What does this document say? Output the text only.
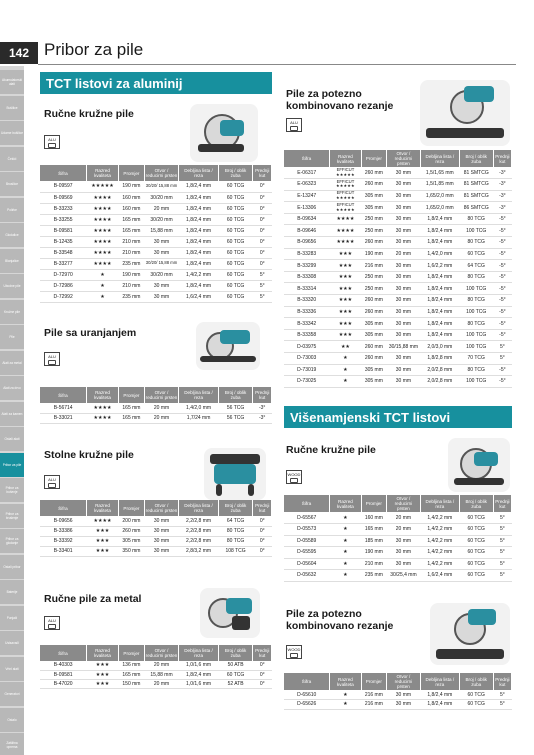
142 Pribor za pile
Akumulatorski alati
Bušilice
Udarne bušilice
Čekići
Brusilice
Polirke
Glodalice
Blanjalice
Ubodne pile
Kružne pile
Pile
Alati za metal
Alati za drvo
Alati za kamen
Ostali alati
Pribor za pile
Pribor za bušenje
Pribor za brušenje
Pribor za glodanje
Ostali pribor
Baterije
Punjači
Usisavači
Vrtni alati
Generatori
Ostalo
Zaštitna oprema
TCT listovi za aluminij
Ručne kružne pile
ALU
Šifra	Razred kvaliteta	Promjer	Otvor / reducirni prsten	Debljina lista / reza	Broj / oblik zuba	Prednji kut
B-09597	★★★★★	190 mm	30/20/ 15,88 mm	1,8/2,4 mm	60 TCG	0°
B-09569	★★★★	160 mm	30/20 mm	1,8/2,4 mm	60 TCG	0°
B-33233	★★★★	160 mm	20 mm	1,8/2,4 mm	60 TCG	0°
B-33255	★★★★	165 mm	30/20 mm	1,8/2,4 mm	60 TCG	0°
B-09581	★★★★	165 mm	15,88 mm	1,8/2,4 mm	60 TCG	0°
B-12435	★★★★	210 mm	30 mm	1,8/2,4 mm	60 TCG	0°
B-33548	★★★★	210 mm	30 mm	1,8/2,4 mm	60 TCG	0°
B-33277	★★★★	235 mm	30/20/ 15,88 mm	1,8/2,4 mm	60 TCG	0°
D-72970	★	190 mm	30/20 mm	1,4/2,2 mm	60 TCG	5°
D-72986	★	210 mm	30 mm	1,8/2,4 mm	60 TCG	5°
D-72992	★	235 mm	30 mm	1,6/2,4 mm	60 TCG	5°
Pile sa uranjanjem
ALU
Šifra	Razred kvaliteta	Promjer	Otvor / reducirni prsten	Debljina lista / reza	Broj / oblik zuba	Prednji kut
B-56714	★★★★	165 mm	20 mm	1,4/2,0 mm	56 TCG	-3°
B-33021	★★★★	165 mm	20 mm	1,7/24 mm	56 TCG	-3°
Stolne kružne pile
ALU
Šifra	Razred kvaliteta	Promjer	Otvor / reducirni prsten	Debljina lista / reza	Broj / oblik zuba	Prednji kut
B-09656	★★★★	200 mm	30 mm	2,2/2,8 mm	64 TCG	0°
B-33386	★★★	260 mm	30 mm	2,2/2,8 mm	80 TCG	0°
B-33392	★★★	305 mm	30 mm	2,2/2,8 mm	80 TCG	0°
B-33401	★★★	350 mm	30 mm	2,8/3,2 mm	108 TCG	0°
Ručne pile za metal
ALU
Šifra	Razred kvaliteta	Promjer	Otvor / reducirni prsten	Debljina lista / reza	Broj / oblik zuba	Prednji kut
B-40303	★★★	136 mm	20 mm	1,0/1,6 mm	50 ATB	0°
B-09581	★★★	165 mm	15,88 mm	1,8/2,4 mm	60 TCG	0°
B-47020	★★★	150 mm	20 mm	1,0/1,6 mm	52 ATB	0°
Pile za potezno kombinovano rezanje
ALU
Šifra	Razred kvaliteta	Promjer	Otvor / reducirni prsten	Debljina lista / reza	Broj / oblik zuba	Prednji kut
E-06317	EFFICUT ★★★★★	260 mm	30 mm	1,5/1,65 mm	81 SMTCG	-3°
E-06323	EFFICUT ★★★★★	260 mm	30 mm	1,5/1,85 mm	81 SMTCG	-3°
E-13247	EFFICUT ★★★★★	305 mm	30 mm	1,65/2,0 mm	81 SMTCG	-3°
E-13306	EFFICUT ★★★★★	305 mm	30 mm	1,65/2,0 mm	86 SMTCG	-3°
B-09634	★★★★	250 mm	30 mm	1,8/2,4 mm	80 TCG	-5°
B-09646	★★★★	250 mm	30 mm	1,8/2,4 mm	100 TCG	-5°
B-09656	★★★★	260 mm	30 mm	1,8/2,4 mm	80 TCG	-5°
B-33283	★★★	190 mm	20 mm	1,4/2,0 mm	60 TCG	-5°
B-33299	★★★	216 mm	30 mm	1,6/2,2 mm	64 TCG	-5°
B-33308	★★★	250 mm	30 mm	1,8/2,4 mm	80 TCG	-5°
B-33314	★★★	250 mm	30 mm	1,8/2,4 mm	100 TCG	-5°
B-33320	★★★	260 mm	30 mm	1,8/2,4 mm	80 TCG	-5°
B-33336	★★★	260 mm	30 mm	1,8/2,4 mm	100 TCG	-5°
B-33342	★★★	305 mm	30 mm	1,8/2,4 mm	80 TCG	-5°
B-33358	★★★	305 mm	30 mm	1,8/2,4 mm	100 TCG	-5°
D-03975	★★	260 mm	30/15,88 mm	2,0/3,0 mm	100 TCG	5°
D-73003	★	260 mm	30 mm	1,8/2,8 mm	70 TCG	5°
D-73019	★	305 mm	30 mm	2,0/2,8 mm	80 TCG	-5°
D-73025	★	305 mm	30 mm	2,0/2,8 mm	100 TCG	-5°
Višenamjenski TCT listovi
Ručne kružne pile
WOOD
Šifra	Razred kvaliteta	Promjer	Otvor / reducirni prsten	Debljina lista / reza	Broj / oblik zuba	Prednji kut
D-65567	★	160 mm	20 mm	1,4/2,2 mm	60 TCG	5°
D-05573	★	165 mm	20 mm	1,4/2,2 mm	60 TCG	5°
D-05589	★	185 mm	30 mm	1,4/2,2 mm	60 TCG	5°
D-65595	★	190 mm	30 mm	1,4/2,2 mm	60 TCG	5°
D-05604	★	210 mm	30 mm	1,4/2,2 mm	60 TCG	5°
D-05632	★	235 mm	30/25,4 mm	1,6/2,4 mm	60 TCG	5°
Pile za potezno kombinovano rezanje
WOOD
Šifra	Razred kvaliteta	Promjer	Otvor / reducirni prsten	Debljina lista / reza	Broj / oblik zuba	Prednji kut
D-65610	★	216 mm	30 mm	1,8/2,4 mm	60 TCG	5°
D-65626	★	216 mm	30 mm	1,8/2,4 mm	60 TCG	5°
